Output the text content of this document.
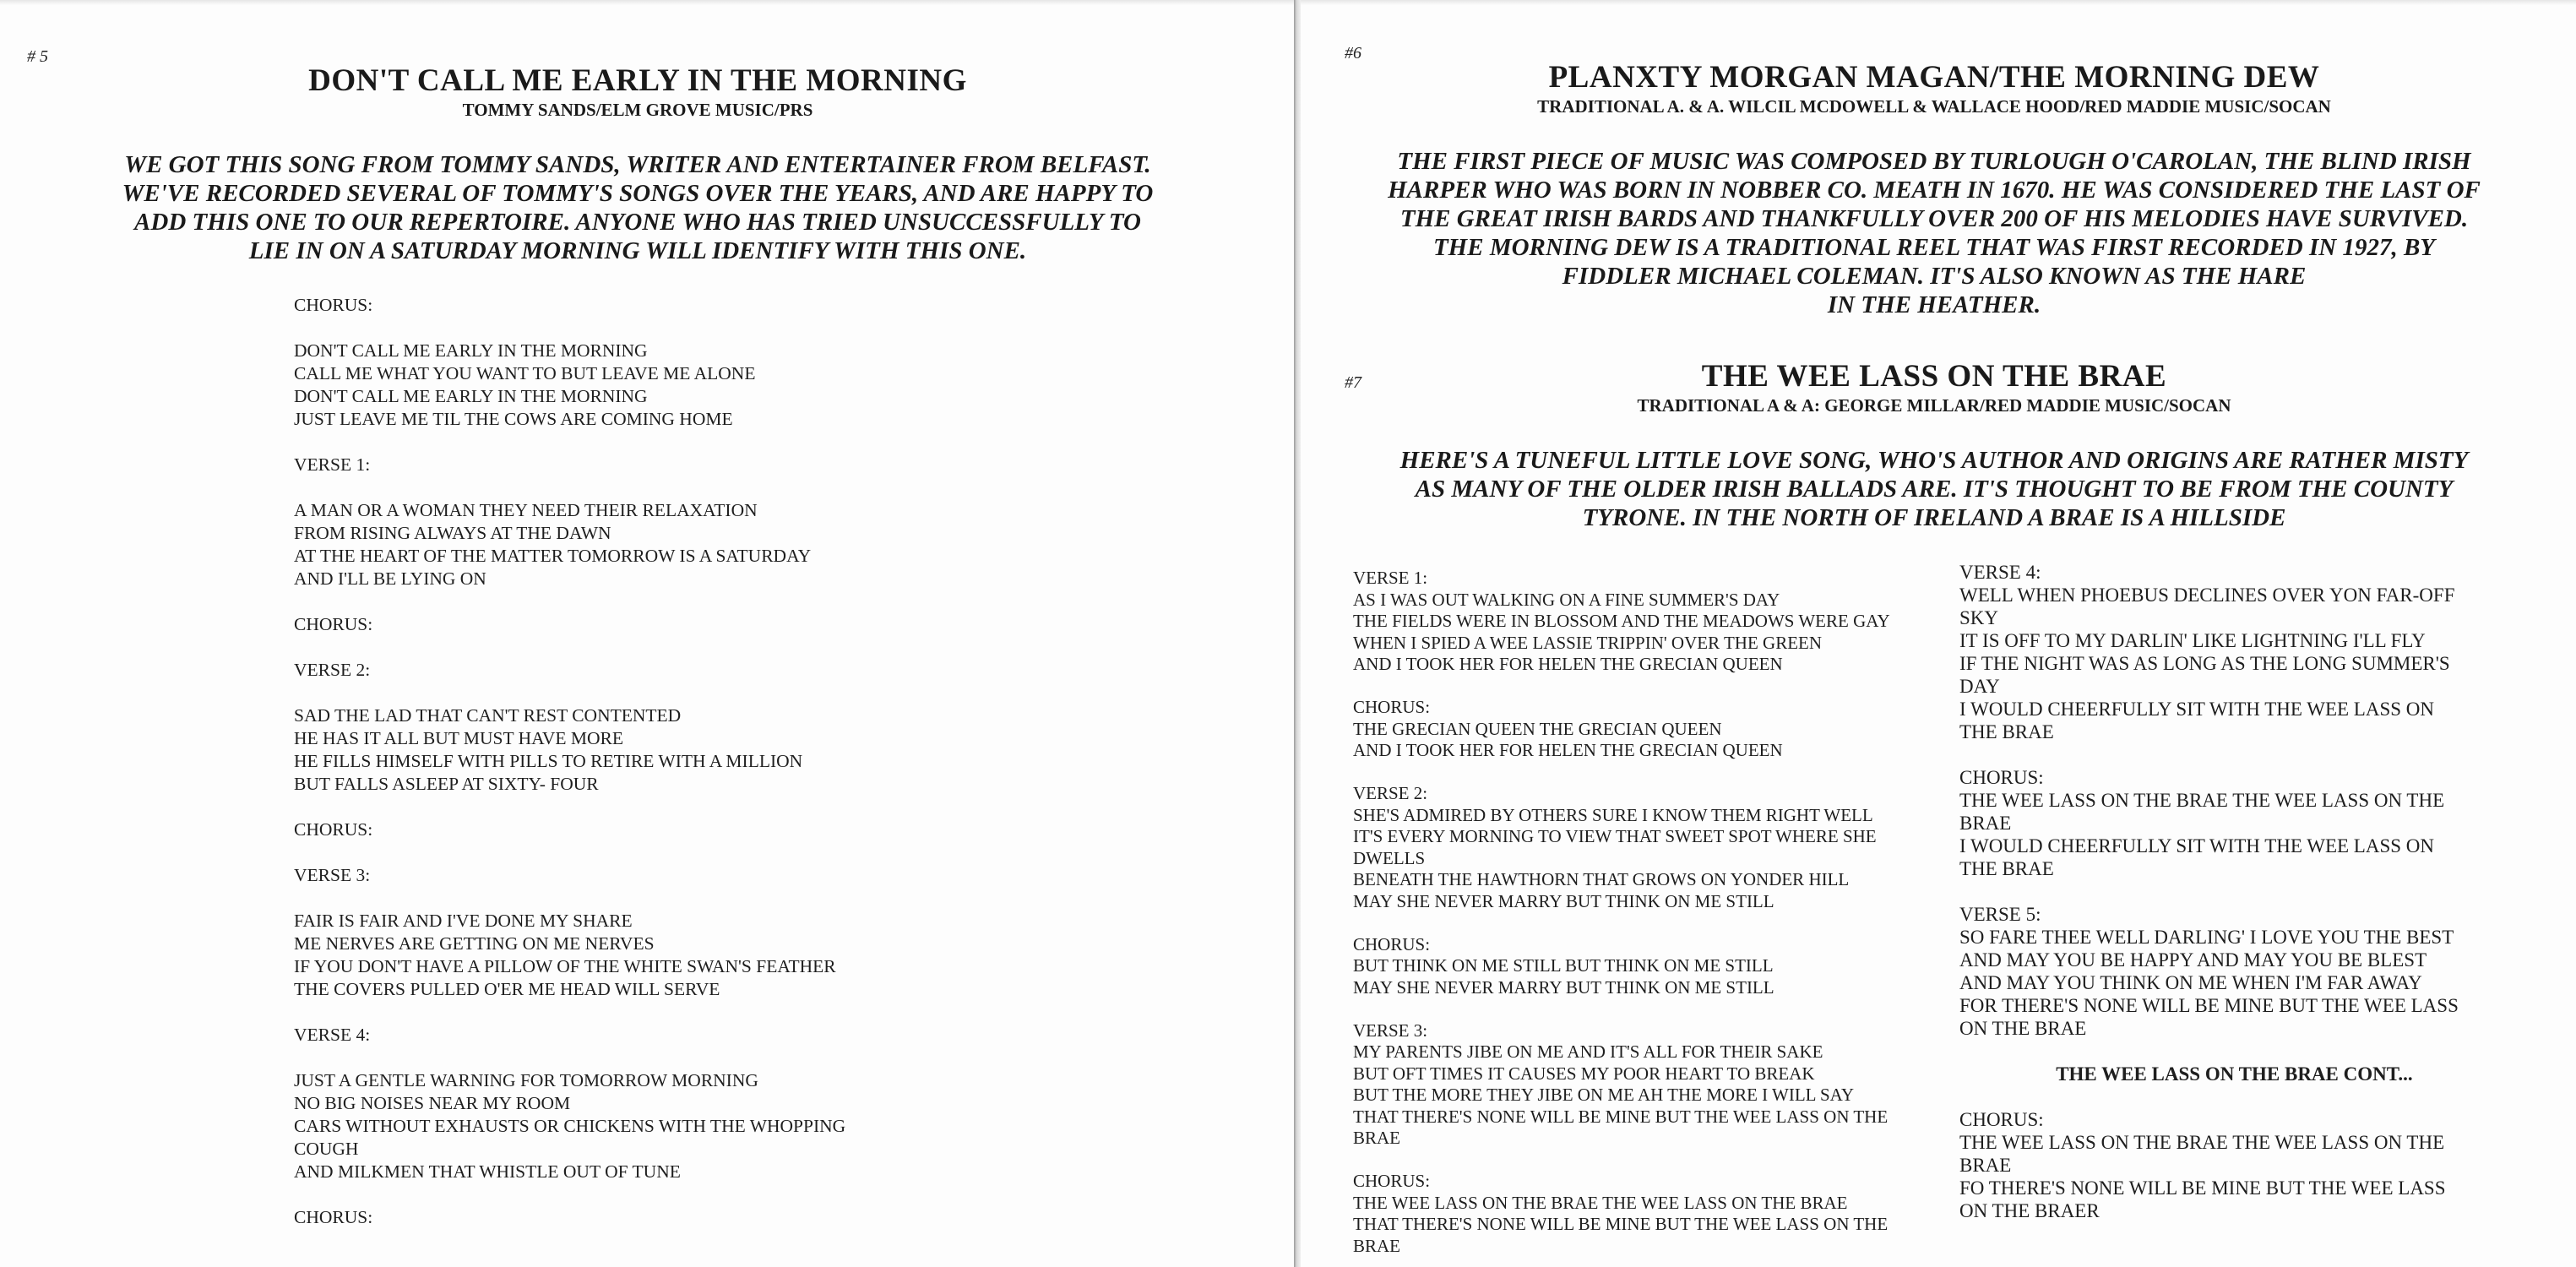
# 5
DON'T CALL ME EARLY IN THE MORNING
TOMMY SANDS/ELM GROVE MUSIC/PRS
WE GOT THIS SONG FROM TOMMY SANDS, WRITER AND ENTERTAINER FROM BELFAST.
WE'VE RECORDED SEVERAL OF TOMMY'S SONGS OVER THE YEARS, AND ARE HAPPY TO
ADD THIS ONE TO OUR REPERTOIRE. ANYONE WHO HAS TRIED UNSUCCESSFULLY TO
LIE IN ON A SATURDAY MORNING WILL IDENTIFY WITH THIS ONE.
CHORUS:
DON'T CALL ME EARLY IN THE MORNING
CALL ME WHAT YOU WANT TO BUT LEAVE ME ALONE
DON'T CALL ME EARLY IN THE MORNING
JUST LEAVE ME TIL THE COWS ARE COMING HOME
VERSE 1:
A MAN OR A WOMAN THEY NEED THEIR RELAXATION
FROM RISING ALWAYS AT THE DAWN
AT THE HEART OF THE MATTER TOMORROW IS A SATURDAY
AND I'LL BE LYING ON
CHORUS:
VERSE 2:
SAD THE LAD THAT CAN'T REST CONTENTED
HE HAS IT ALL BUT MUST HAVE MORE
HE FILLS HIMSELF WITH PILLS TO RETIRE WITH A MILLION
BUT FALLS ASLEEP AT SIXTY- FOUR
CHORUS:
VERSE 3:
FAIR IS FAIR AND I'VE DONE MY SHARE
ME NERVES ARE GETTING ON ME NERVES
IF YOU DON'T HAVE A PILLOW OF THE WHITE SWAN'S FEATHER
THE COVERS PULLED O'ER ME HEAD WILL SERVE
VERSE 4:
JUST A GENTLE WARNING FOR TOMORROW MORNING
NO BIG NOISES NEAR MY ROOM
CARS WITHOUT EXHAUSTS OR CHICKENS WITH THE WHOPPING
COUGH
AND MILKMEN THAT WHISTLE OUT OF TUNE
CHORUS:
#6
PLANXTY MORGAN MAGAN/THE MORNING DEW
TRADITIONAL A. & A. WILCIL MCDOWELL & WALLACE HOOD/RED MADDIE MUSIC/SOCAN
THE FIRST PIECE OF MUSIC WAS COMPOSED BY TURLOUGH O'CAROLAN, THE BLIND IRISH
HARPER WHO WAS BORN IN NOBBER CO. MEATH IN 1670. HE WAS CONSIDERED THE LAST OF
THE GREAT IRISH BARDS AND THANKFULLY OVER 200 OF HIS MELODIES HAVE SURVIVED.
THE MORNING DEW IS A TRADITIONAL REEL THAT WAS FIRST RECORDED IN 1927, BY
FIDDLER MICHAEL COLEMAN. IT'S ALSO KNOWN AS THE HARE
IN THE HEATHER.
#7	THE WEE LASS ON THE BRAE
TRADITIONAL A & A: GEORGE MILLAR/RED MADDIE MUSIC/SOCAN
HERE'S A TUNEFUL LITTLE LOVE SONG, WHO'S AUTHOR AND ORIGINS ARE RATHER MISTY
AS MANY OF THE OLDER IRISH BALLADS ARE. IT'S THOUGHT TO BE FROM THE COUNTY
TYRONE. IN THE NORTH OF IRELAND A BRAE IS A HILLSIDE
VERSE 1:
AS I WAS OUT WALKING ON A FINE SUMMER'S DAY
THE FIELDS WERE IN BLOSSOM AND THE MEADOWS WERE GAY
WHEN I SPIED A WEE LASSIE TRIPPIN' OVER THE GREEN
AND I TOOK HER FOR HELEN THE GRECIAN QUEEN
CHORUS:
THE GRECIAN QUEEN THE GRECIAN QUEEN
AND I TOOK HER FOR HELEN THE GRECIAN QUEEN
VERSE 2:
SHE'S ADMIRED BY OTHERS SURE I KNOW THEM RIGHT WELL
IT'S EVERY MORNING TO VIEW THAT SWEET SPOT WHERE SHE
DWELLS
BENEATH THE HAWTHORN THAT GROWS ON YONDER HILL
MAY SHE NEVER MARRY BUT THINK ON ME STILL
CHORUS:
BUT THINK ON ME STILL BUT THINK ON ME STILL
MAY SHE NEVER MARRY BUT THINK ON ME STILL
VERSE 3:
MY PARENTS JIBE ON ME AND IT'S ALL FOR THEIR SAKE
BUT OFT TIMES IT CAUSES MY POOR HEART TO BREAK
BUT THE MORE THEY JIBE ON ME AH THE MORE I WILL SAY
THAT THERE'S NONE WILL BE MINE BUT THE WEE LASS ON THE
BRAE
CHORUS:
THE WEE LASS ON THE BRAE THE WEE LASS ON THE BRAE
THAT THERE'S NONE WILL BE MINE BUT THE WEE LASS ON THE
BRAE
VERSE 4:
WELL WHEN PHOEBUS DECLINES OVER YON FAR-OFF
SKY
IT IS OFF TO MY DARLIN' LIKE LIGHTNING I'LL FLY
IF THE NIGHT WAS AS LONG AS THE LONG SUMMER'S
DAY
I WOULD CHEERFULLY SIT WITH THE WEE LASS ON
THE BRAE
CHORUS:
THE WEE LASS ON THE BRAE THE WEE LASS ON THE
BRAE
I WOULD CHEERFULLY SIT WITH THE WEE LASS ON
THE BRAE
VERSE 5:
SO FARE THEE WELL DARLING' I LOVE YOU THE BEST
AND MAY YOU BE HAPPY AND MAY YOU BE BLEST
AND MAY YOU THINK ON ME WHEN I'M FAR AWAY
FOR THERE'S NONE WILL BE MINE BUT THE WEE LASS
ON THE BRAE
THE WEE LASS ON THE BRAE CONT...
CHORUS:
THE WEE LASS ON THE BRAE THE WEE LASS ON THE
BRAE
FO THERE'S NONE WILL BE MINE BUT THE WEE LASS
ON THE BRAER
